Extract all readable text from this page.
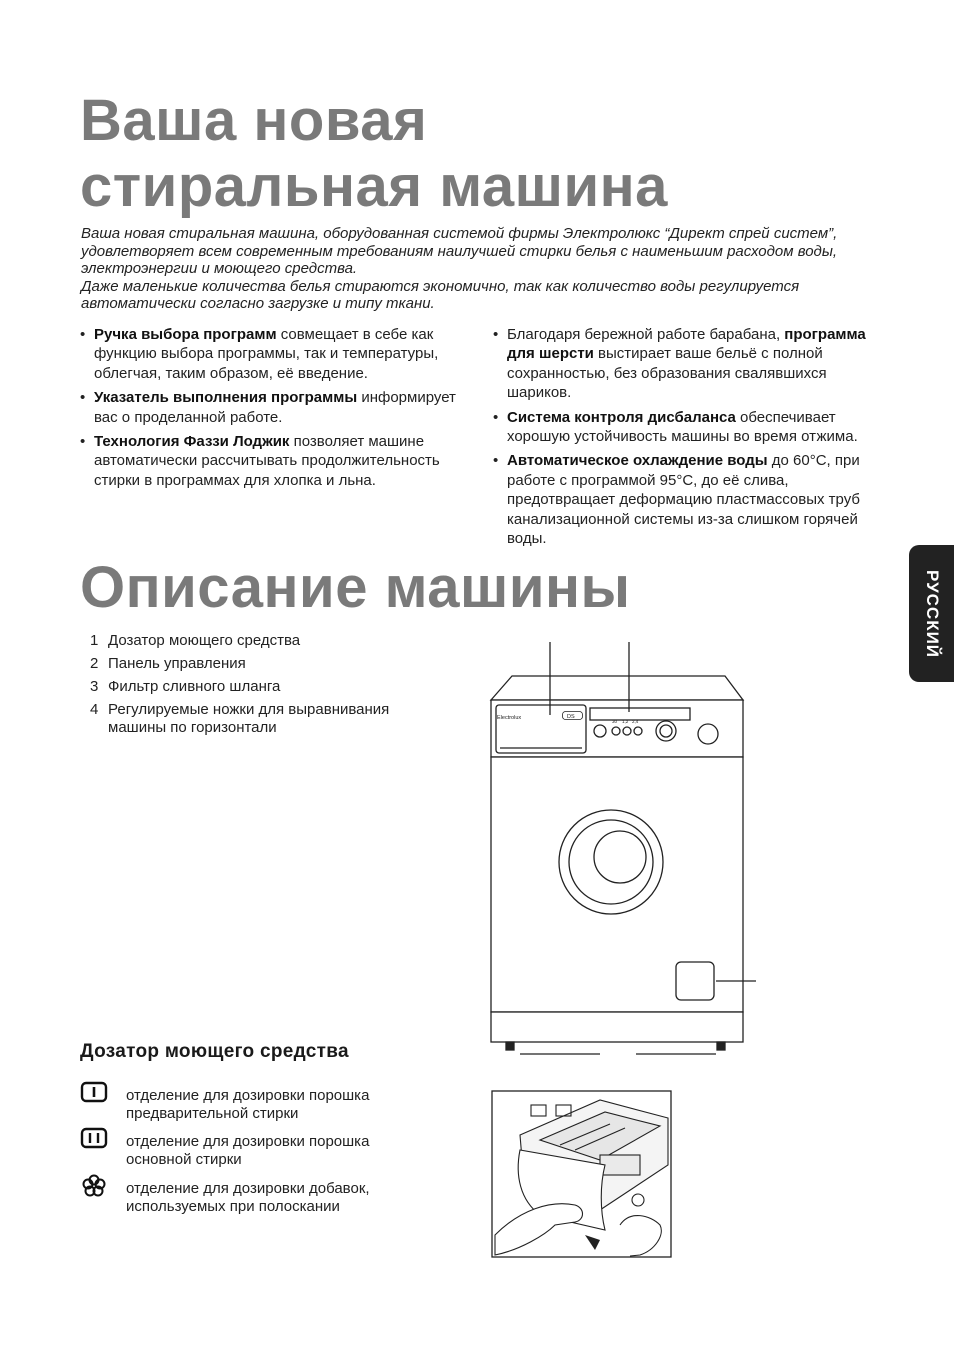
Ваша новая
стиральная машина

Ваша новая стиральная машина, оборудованная системой фирмы Электролюкс “Директ спрей систем”, удовлетворяет всем современным требованиям наилучшей стирки белья с наименьшим расходом воды, электроэнергии и моющего средства.

Даже маленькие количества белья стираются экономично, так как количество воды регулируется автоматически согласно загрузке и типу ткани.

• Ручка выбора программ совмещает в себе как функцию выбора программы, так и температуры, облегчая, таким образом, её введение.
• Указатель выполнения программы информирует вас о проделанной работе.
• Технология Фаззи Лоджик позволяет машине автоматически рассчитывать продолжительность стирки в программах для хлопка и льна.
• Благодаря бережной работе барабана, программа для шерсти выстирает ваше бельё с полной сохранностью, без образования свалявшихся шариков.
• Система контроля дисбаланса обеспечивает хорошую устойчивость машины во время отжима.
• Автоматическое охлаждение воды до 60°C, при работе с программой 95°C, до её слива, предотвращает деформацию пластмассовых труб канализационной системы из-за слишком горячей воды.
Описание машины
1 Дозатор моющего средства
2 Панель управления
3 Фильтр сливного шланга
4 Регулируемые ножки для выравнивания машины по горизонтали
Electrolux	DS
30 1,2 2,4
РУССКИЙ
Дозатор моющего средства
отделение для дозировки порошка предварительной стирки
отделение для дозировки порошка основной стирки
отделение для дозировки добавок, используемых при полоскании
